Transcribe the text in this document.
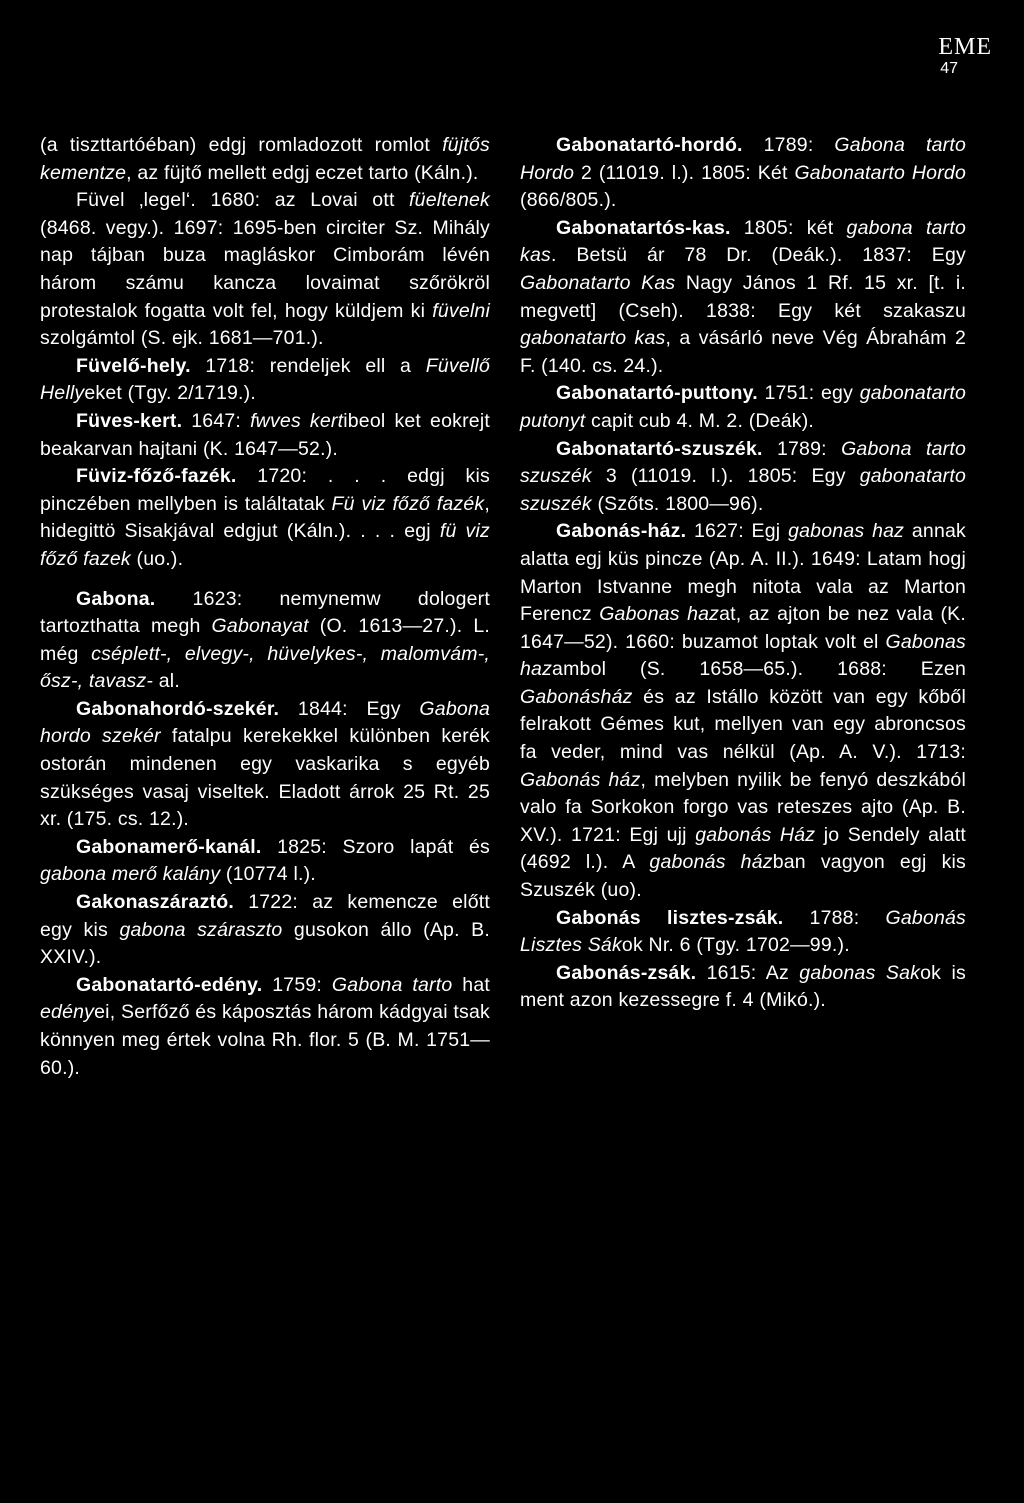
EME
47

(a tiszttartóéban) edgj romladozott romlot füjtős kementze, az füjtő mellett edgj eczet tarto (Káln.).

Füvel ‚legel‘. 1680: az Lovai ott füeltenek (8468. vegy.). 1697: 1695-ben circiter Sz. Mihály nap tájban buza magláskor Cimborám lévén három számu kancza lovaimat szőrökröl protestalok fogatta volt fel, hogy küldjem ki füvelni szolgámtol (S. ejk. 1681—701.).

Füvelő-hely. 1718: rendeljek ell a Füvellő Hellyeket (Tgy. 2/1719.).

Füves-kert. 1647: fwves kertibeol ket eokrejt beakarvan hajtani (K. 1647—52.).

Füviz-főző-fazék. 1720: . . . edgj kis pinczében mellyben is találtatak Fü viz főző fazék, hidegittö Sisakjával edgjut (Káln.). . . . egj fü viz főző fazek (uo.).

Gabona. 1623: nemynemw dologert tartozthatta megh Gabonayat (O. 1613—27.). L. még cséplett-, elvegy-, hüvelykes-, malomvám-, ősz-, tavasz- al.

Gabonahordó-szekér. 1844: Egy Gabona hordo szekér fatalpu kerekekkel különben kerék ostorán mindenen egy vaskarika s egyéb szükséges vasaj viseltek. Eladott árrok 25 Rt. 25 xr. (175. cs. 12.).

Gabonamerő-kanál. 1825: Szoro lapát és gabona merő kalány (10774 l.).

Gakonaszáraztó. 1722: az kemencze előtt egy kis gabona száraszto gusokon állo (Ap. B. XXIV.).

Gabonatartó-edény. 1759: Gabona tarto hat edényei, Serfőző és káposztás három kádgyai tsak könnyen meg értek volna Rh. flor. 5 (B. M. 1751—60.).

Gabonatartó-hordó. 1789: Gabona tarto Hordo 2 (11019. l.). 1805: Két Gabonatarto Hordo (866/805.).

Gabonatartós-kas. 1805: két gabona tarto kas. Betsü ár 78 Dr. (Deák.). 1837: Egy Gabonatarto Kas Nagy János 1 Rf. 15 xr. [t. i. megvett] (Cseh). 1838: Egy két szakaszu gabonatarto kas, a vásárló neve Vég Ábrahám 2 F. (140. cs. 24.).

Gabonatartó-puttony. 1751: egy gabonatarto putonyt capit cub 4. M. 2. (Deák).

Gabonatartó-szuszék. 1789: Gabona tarto szuszék 3 (11019. l.). 1805: Egy gabonatarto szuszék (Szőts. 1800—96).

Gabonás-ház. 1627: Egj gabonas haz annak alatta egj küs pincze (Ap. A. II.). 1649: Latam hogj Marton Istvanne megh nitota vala az Marton Ferencz Gabonas hazat, az ajton be nez vala (K. 1647—52). 1660: buzamot loptak volt el Gabonas hazambol (S. 1658—65.). 1688: Ezen Gabonásház és az Istállo között van egy kőből felrakott Gémes kut, mellyen van egy abroncsos fa veder, mind vas nélkül (Ap. A. V.). 1713: Gabonás ház, melyben nyilik be fenyó deszkából valo fa Sorkokon forgo vas reteszes ajto (Ap. B. XV.). 1721: Egj ujj gabonás Ház jo Sendely alatt (4692 l.). A gabonás házban vagyon egj kis Szuszék (uo).

Gabonás lisztes-zsák. 1788: Gabonás Lisztes Sákok Nr. 6 (Tgy. 1702—99.).

Gabonás-zsák. 1615: Az gabonas Sakok is ment azon kezessegre f. 4 (Mikó.).
